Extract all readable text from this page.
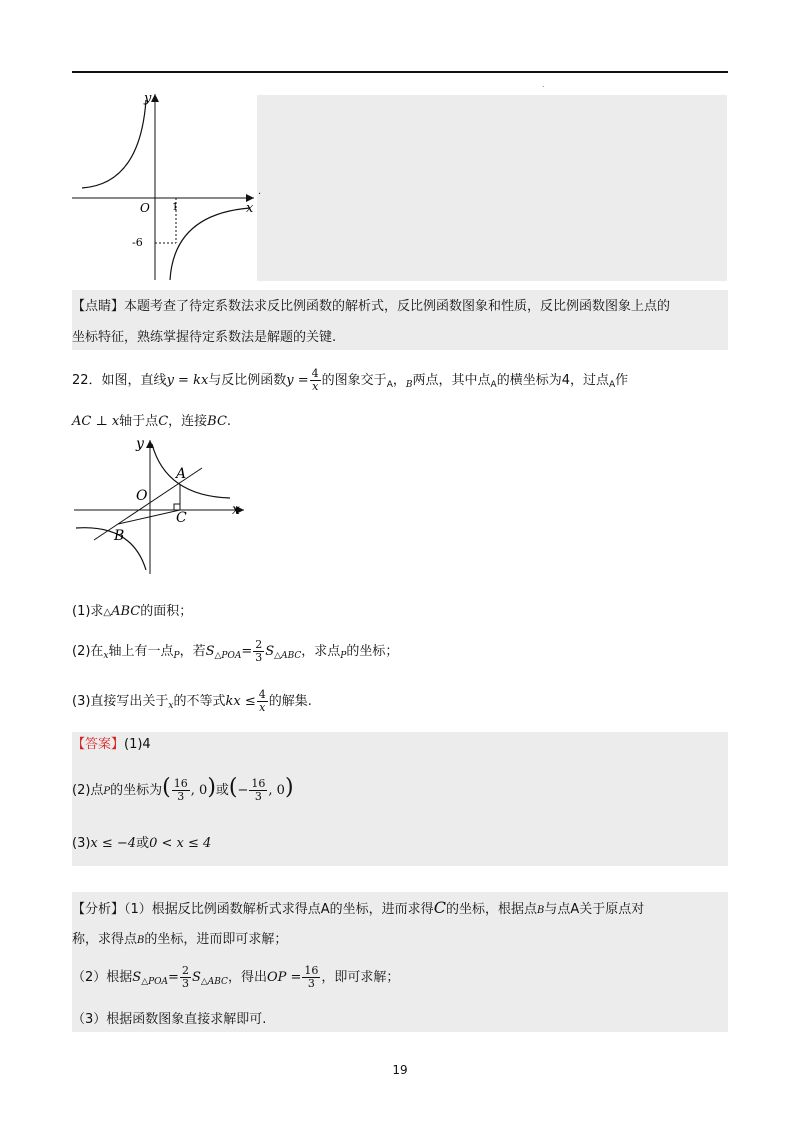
y
x
O 1
-6
.
.
【点睛】本题考查了待定系数法求反比例函数的解析式，反比例函数图象和性质，反比例函数图象上点的
坐标特征，熟练掌握待定系数法是解题的关键.
22．如图，直线y = kx与反比例函数$y = \frac{4}{x}$ 的图象交于$_A$，$_B$两点，其中点$_A$的横坐标为4，过点$_A$作
AC ⊥ x轴于点C，连接BC.
y
x
O
A
B
C
(1)求△ABC的面积；
(2)在$_x$轴上有一点$_P$，若$S_{\triangle POA}= \frac{2}{3} S_{\triangle ABC}$，求点$_P$的坐标；
(3)直接写出关于$_x$的不等式kx ≤ $\frac{4}{x}$ 的解集.
【答案】(1)4
(2)点P的坐标为( $\frac{16}{3}$ , 0)或(− $\frac{16}{3}$ , 0)
(3)x ≤ −4或0 < x ≤ 4
【分析】（1）根据反比例函数解析式求得点A的坐标，进而求得C的坐标，根据点B与点A关于原点对
称，求得点B的坐标，进而即可求解；
（2）根据$S_{\triangle POA}= \frac{2}{3} S_{\triangle ABC}$，得出OP = $\frac{16}{3}$ ，即可求解；
（3）根据函数图象直接求解即可.
19
